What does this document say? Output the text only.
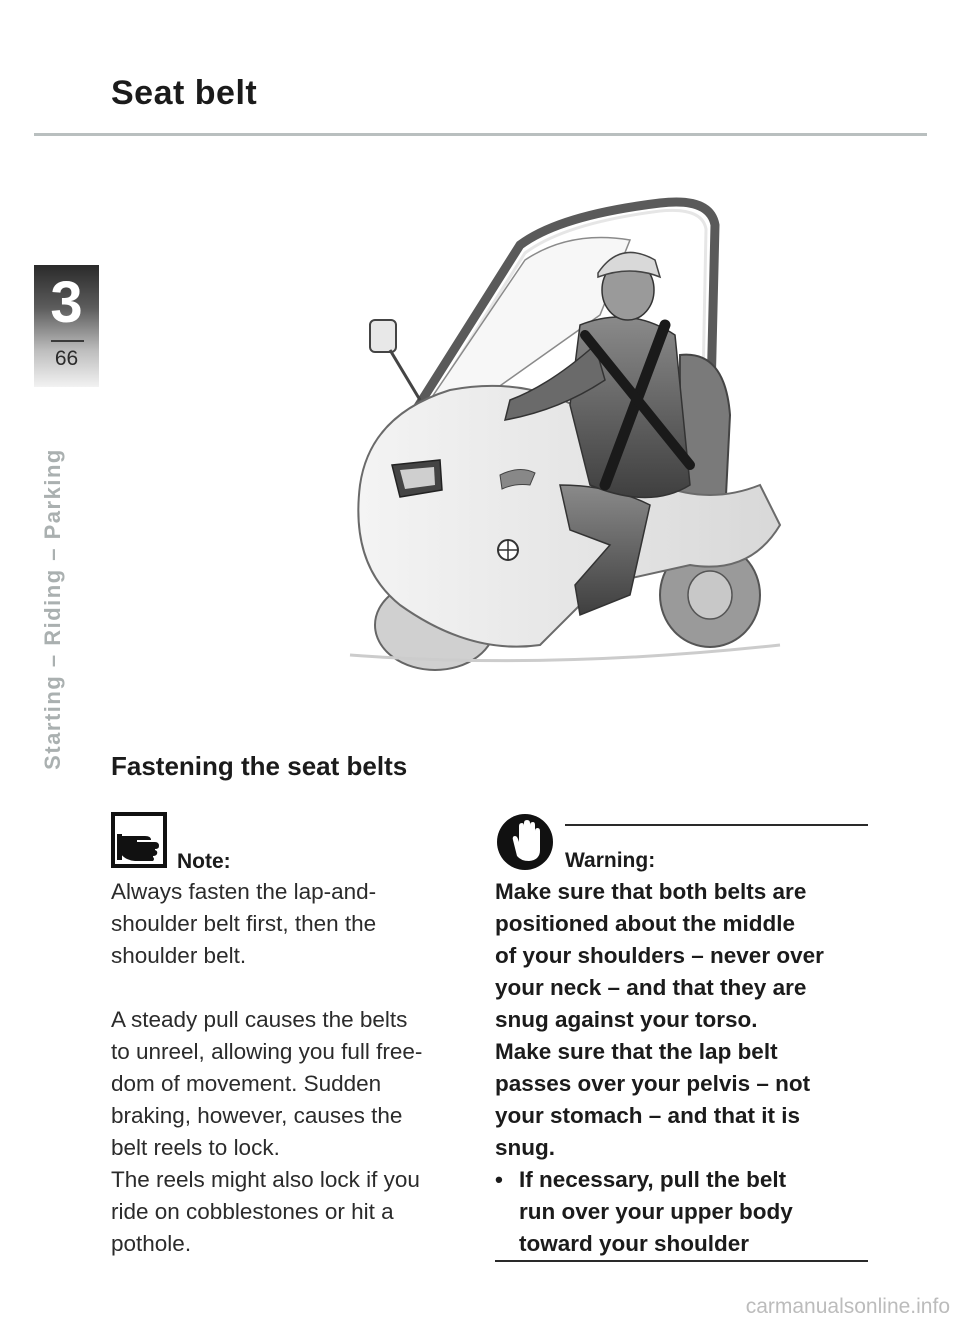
Seat belt
3
66
Starting – Riding – Parking Fastening the seat belts
Note:

Always fasten the lap-and-
shoulder belt first, then the
shoulder belt.

A steady pull causes the belts
to unreel, allowing you full free-
dom of movement. Sudden
braking, however, causes the
belt reels to lock.
The reels might also lock if you
ride on cobblestones or hit a
pothole.

Warning:

Make sure that both belts are
positioned about the middle
of your shoulders – never over
your neck – and that they are
snug against your torso.
Make sure that the lap belt
passes over your pelvis – not
your stomach – and that it is
snug.

• If necessary, pull the belt
run over your upper body
toward your shoulder
carmanualsonline.info
